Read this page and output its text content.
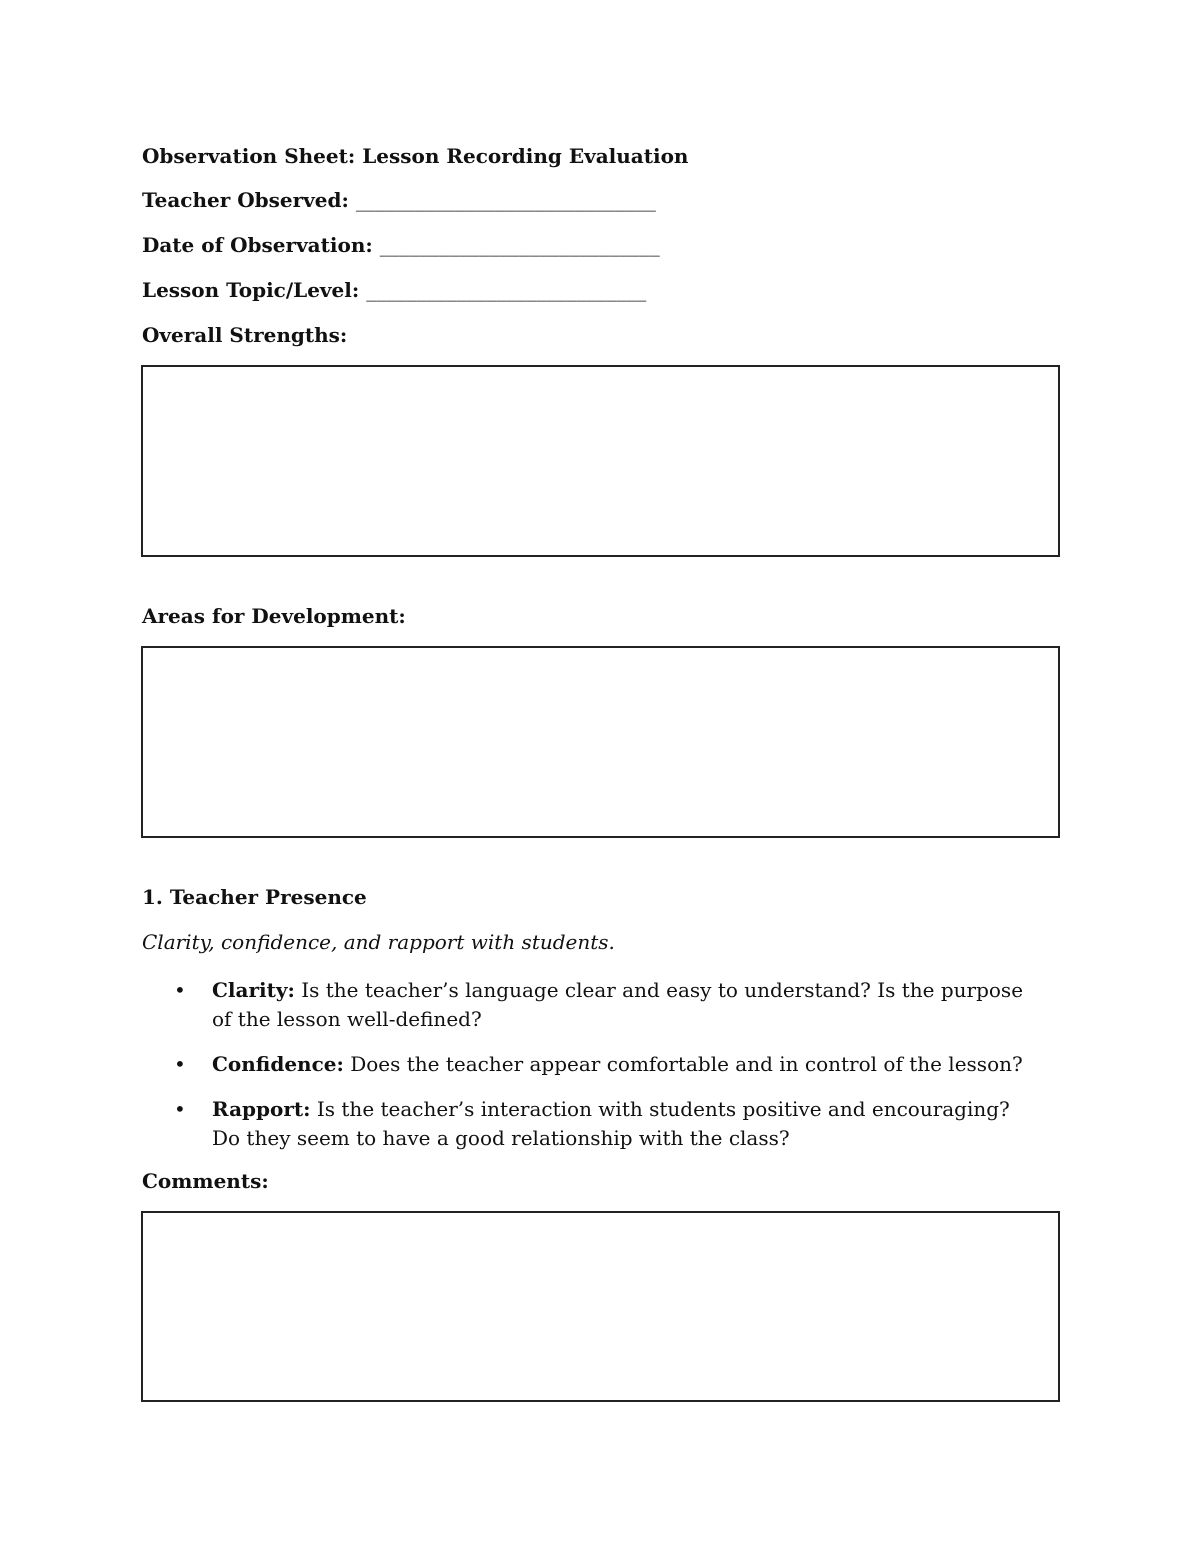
Observation Sheet: Lesson Recording Evaluation
Teacher Observed: ______________________________
Date of Observation: ____________________________
Lesson Topic/Level: ____________________________
Overall Strengths:
Areas for Development:
1. Teacher Presence
Clarity, confidence, and rapport with students.
• Clarity: Is the teacher’s language clear and easy to understand? Is the purpose of the lesson well-defined?
• Confidence: Does the teacher appear comfortable and in control of the lesson?
• Rapport: Is the teacher’s interaction with students positive and encouraging? Do they seem to have a good relationship with the class?
Comments:
